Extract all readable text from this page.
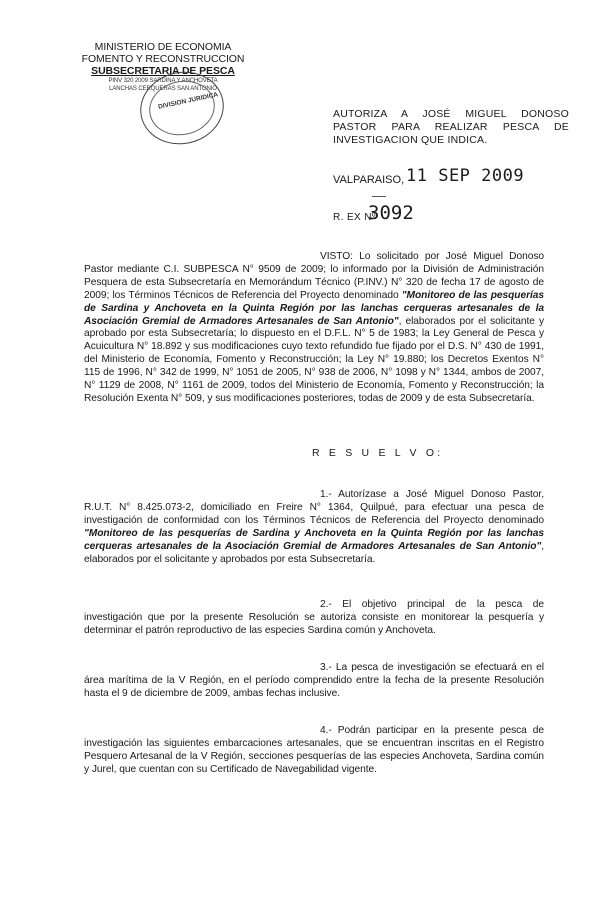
MINISTERIO DE ECONOMIA
FOMENTO Y RECONSTRUCCION
SUBSECRETARIA DE PESCA
PINV 320 2009 SARDINA Y ANCHOVETA
LANCHAS CERQUERAS SAN ANTONIO
DIVISION JURIDICA
AUTORIZA A JOSÉ MIGUEL DONOSO PASTOR PARA REALIZAR PESCA DE INVESTIGACION QUE INDICA.
VALPARAISO, 11 SEP 2009
R. EX Nº
3092
VISTO: Lo solicitado por José Miguel Donoso Pastor mediante C.I. SUBPESCA N° 9509 de 2009; lo informado por la División de Administración Pesquera de esta Subsecretaría en Memorándum Técnico (P.INV.) N° 320 de fecha 17 de agosto de 2009; los Términos Técnicos de Referencia del Proyecto denominado "Monitoreo de las pesquerías de Sardina y Anchoveta en la Quinta Región por las lanchas cerqueras artesanales de la Asociación Gremial de Armadores Artesanales de San Antonio", elaborados por el solicitante y aprobado por esta Subsecretaría; lo dispuesto en el D.F.L. N° 5 de 1983; la Ley General de Pesca y Acuicultura N° 18.892 y sus modificaciones cuyo texto refundido fue fijado por el D.S. N° 430 de 1991, del Ministerio de Economía, Fomento y Reconstrucción; la Ley N° 19.880; los Decretos Exentos N° 115 de 1996, N° 342 de 1999, N° 1051 de 2005, N° 938 de 2006, N° 1098 y N° 1344, ambos de 2007, N° 1129 de 2008, N° 1161 de 2009, todos del Ministerio de Economía, Fomento y Reconstrucción; la Resolución Exenta N° 509, y sus modificaciones posteriores, todas de 2009 y de esta Subsecretaría.
R E S U E L V O:
1.- Autorízase a José Miguel Donoso Pastor, R.U.T. N° 8.425.073-2, domiciliado en Freire N° 1364, Quilpué, para efectuar una pesca de investigación de conformidad con los Términos Técnicos de Referencia del Proyecto denominado "Monitoreo de las pesquerías de Sardina y Anchoveta en la Quinta Región por las lanchas cerqueras artesanales de la Asociación Gremial de Armadores Artesanales de San Antonio", elaborados por el solicitante y aprobados por esta Subsecretaría.
2.- El objetivo principal de la pesca de investigación que por la presente Resolución se autoriza consiste en monitorear la pesquería y determinar el patrón reproductivo de las especies Sardina común y Anchoveta.
3.- La pesca de investigación se efectuará en el área marítima de la V Región, en el período comprendido entre la fecha de la presente Resolución hasta el 9 de diciembre de 2009, ambas fechas inclusive.
4.- Podrán participar en la presente pesca de investigación las siguientes embarcaciones artesanales, que se encuentran inscritas en el Registro Pesquero Artesanal de la V Región, secciones pesquerías de las especies Anchoveta, Sardina común y Jurel, que cuentan con su Certificado de Navegabilidad vigente.
